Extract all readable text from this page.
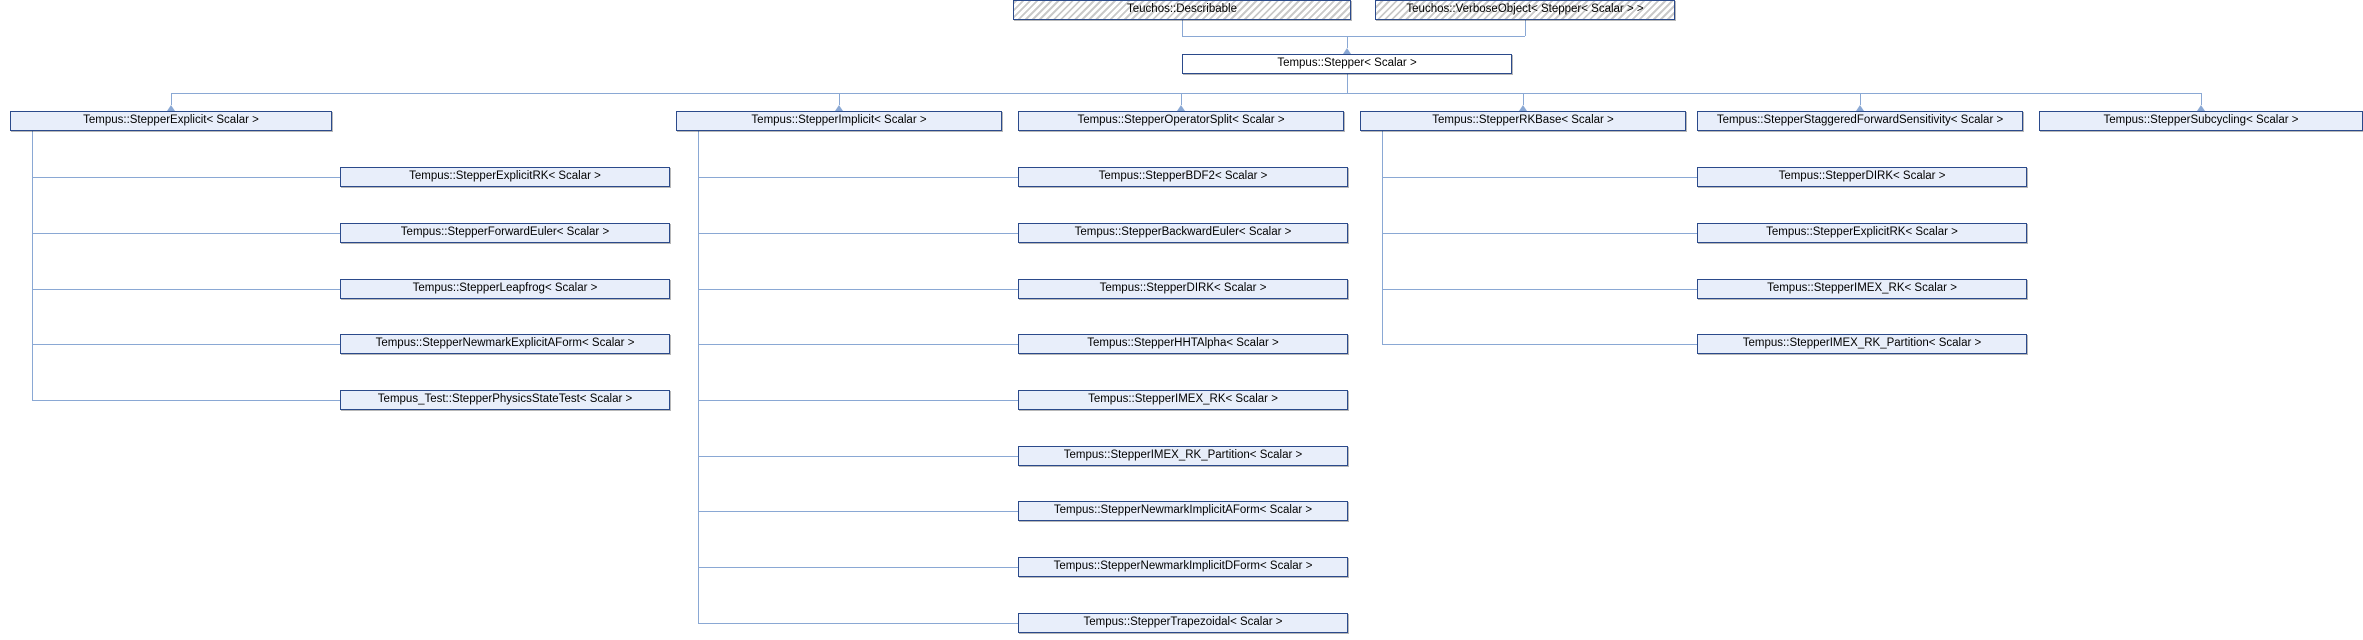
Teuchos::Describable	Teuchos::VerboseObject< Stepper< Scalar > >
Tempus::Stepper< Scalar >
Tempus::StepperExplicit< Scalar >	Tempus::StepperImplicit< Scalar >	Tempus::StepperOperatorSplit< Scalar >	Tempus::StepperRKBase< Scalar >	Tempus::StepperStaggeredForwardSensitivity< Scalar >	Tempus::StepperSubcycling< Scalar >
Tempus::StepperExplicitRK< Scalar >
Tempus::StepperForwardEuler< Scalar >
Tempus::StepperLeapfrog< Scalar >
Tempus::StepperNewmarkExplicitAForm< Scalar >
Tempus_Test::StepperPhysicsStateTest< Scalar >
Tempus::StepperBDF2< Scalar >
Tempus::StepperBackwardEuler< Scalar >
Tempus::StepperDIRK< Scalar >
Tempus::StepperHHTAlpha< Scalar >
Tempus::StepperIMEX_RK< Scalar >
Tempus::StepperIMEX_RK_Partition< Scalar >
Tempus::StepperNewmarkImplicitAForm< Scalar >
Tempus::StepperNewmarkImplicitDForm< Scalar >
Tempus::StepperTrapezoidal< Scalar >
Tempus::StepperDIRK< Scalar >
Tempus::StepperExplicitRK< Scalar >
Tempus::StepperIMEX_RK< Scalar >
Tempus::StepperIMEX_RK_Partition< Scalar >
